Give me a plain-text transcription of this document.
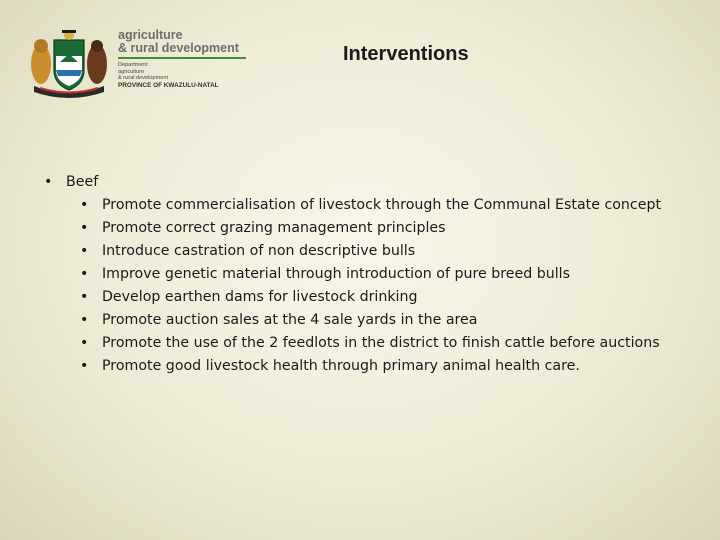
agriculture
& rural development
Department:
agriculture
& rural development
PROVINCE OF KWAZULU-NATAL
Interventions
• Beef
• Promote commercialisation of livestock through the Communal Estate concept
• Promote correct grazing management principles
• Introduce castration of non descriptive bulls
• Improve genetic material through introduction of pure breed bulls
• Develop earthen dams for livestock drinking
• Promote auction sales at the 4 sale yards in the area
• Promote the use of the 2 feedlots in the district to finish cattle before auctions
• Promote good livestock health through primary animal health care.
